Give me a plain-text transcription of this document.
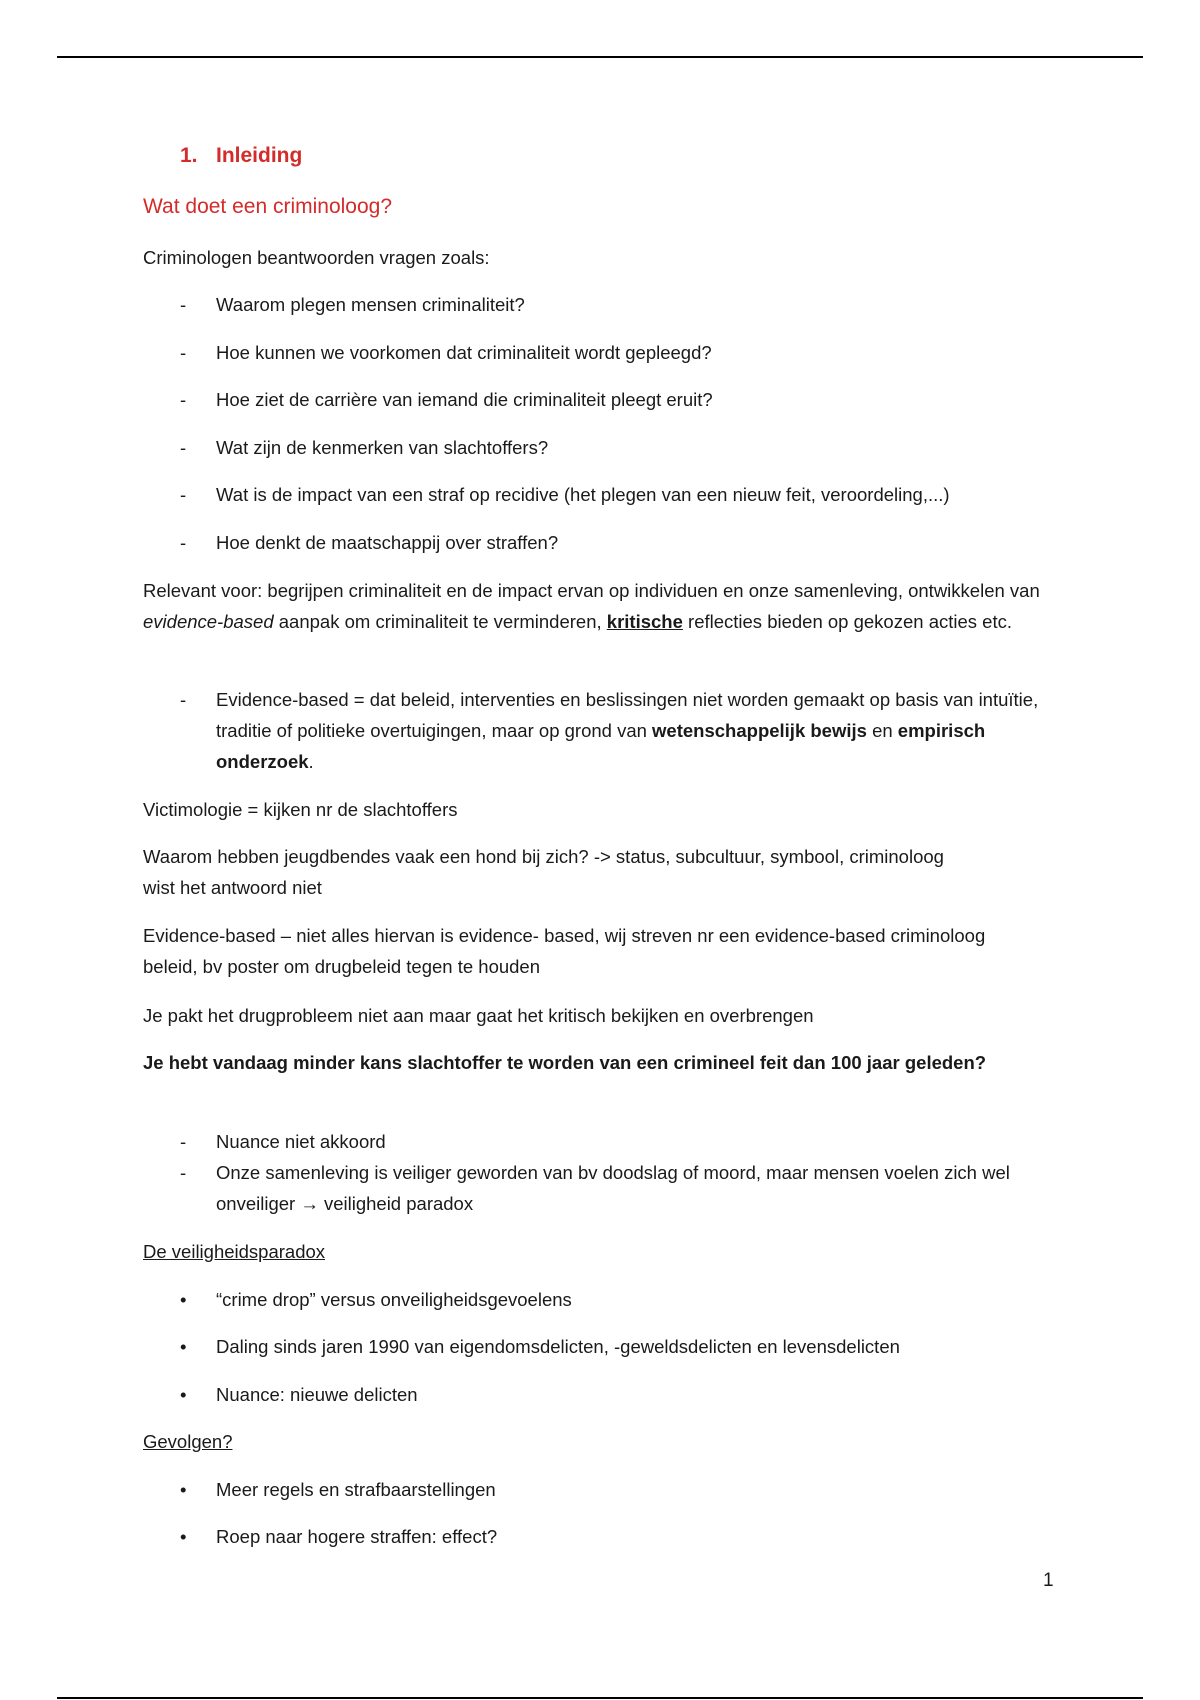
1. Inleiding
Wat doet een criminoloog?
Criminologen beantwoorden vragen zoals:
-	Waarom plegen mensen criminaliteit?
-	Hoe kunnen we voorkomen dat criminaliteit wordt gepleegd?
-	Hoe ziet de carrière van iemand die criminaliteit pleegt eruit?
-	Wat zijn de kenmerken van slachtoffers?
-	Wat is de impact van een straf op recidive (het plegen van een nieuw feit, veroordeling,...)
-	Hoe denkt de maatschappij over straffen?
Relevant voor: begrijpen criminaliteit en de impact ervan op individuen en onze samenleving, ontwikkelen van evidence-based aanpak om criminaliteit te verminderen, kritische reflecties bieden op gekozen acties etc.
-	Evidence-based = dat beleid, interventies en beslissingen niet worden gemaakt op basis van intuïtie, traditie of politieke overtuigingen, maar op grond van wetenschappelijk bewijs en empirisch onderzoek.
Victimologie = kijken nr de slachtoffers
Waarom hebben jeugdbendes vaak een hond bij zich? -> status, subcultuur, symbool, criminoloog wist het antwoord niet
Evidence-based – niet alles hiervan is evidence- based, wij streven nr een evidence-based criminoloog beleid, bv poster om drugbeleid tegen te houden
Je pakt het drugprobleem niet aan maar gaat het kritisch bekijken en overbrengen
Je hebt vandaag minder kans slachtoffer te worden van een crimineel feit dan 100 jaar geleden?
-	Nuance niet akkoord
-	Onze samenleving is veiliger geworden van bv doodslag of moord, maar mensen voelen zich wel onveiliger → veiligheid paradox
De veiligheidsparadox
•	“crime drop” versus onveiligheidsgevoelens
•	Daling sinds jaren 1990 van eigendomsdelicten, -geweldsdelicten en levensdelicten
•	Nuance: nieuwe delicten
Gevolgen?
•	Meer regels en strafbaarstellingen
•	Roep naar hogere straffen: effect?
1
